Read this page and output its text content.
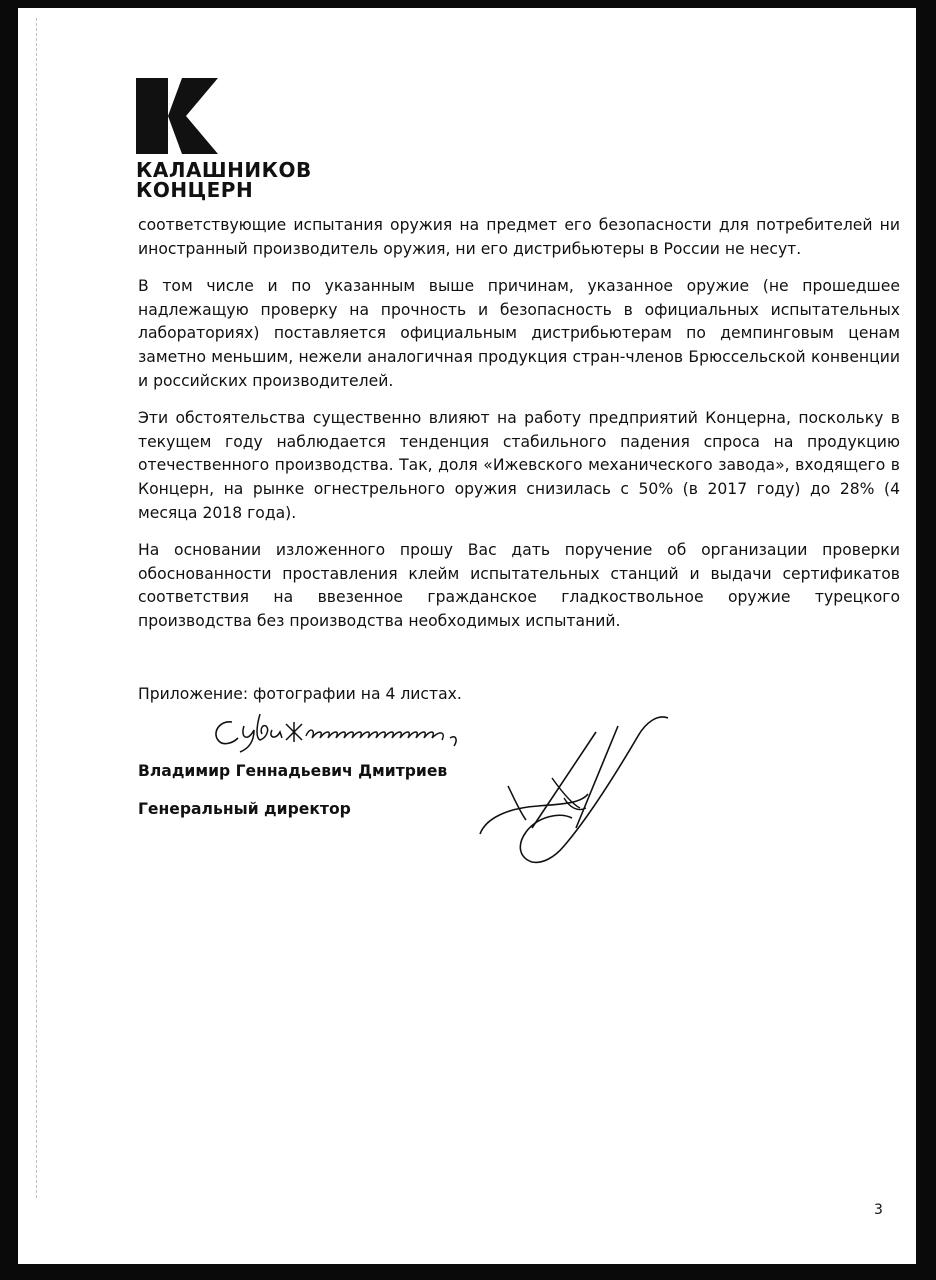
КАЛАШНИКОВ
КОНЦЕРН

соответствующие испытания оружия на предмет его безопасности для потребителей ни иностранный производитель оружия, ни его дистрибьютеры в России не несут.

В том числе и по указанным выше причинам, указанное оружие (не прошедшее надлежащую проверку на прочность и безопасность в официальных испытательных лабораториях) поставляется официальным дистрибьютерам по демпинговым ценам заметно меньшим, нежели аналогичная продукция стран-членов Брюссельской конвенции и российских производителей.

Эти обстоятельства существенно влияют на работу предприятий Концерна, поскольку в текущем году наблюдается тенденция стабильного падения спроса на продукцию отечественного производства. Так, доля «Ижевского механического завода», входящего в Концерн, на рынке огнестрельного оружия снизилась с 50% (в 2017 году) до 28% (4 месяца 2018 года).

На основании изложенного прошу Вас дать поручение об организации проверки обоснованности проставления клейм испытательных станций и выдачи сертификатов соответствия на ввезенное гражданское гладкоствольное оружие турецкого производства без производства необходимых испытаний.

Приложение: фотографии на 4 листах.
Владимир Геннадьевич Дмитриев
Генеральный директор
3
